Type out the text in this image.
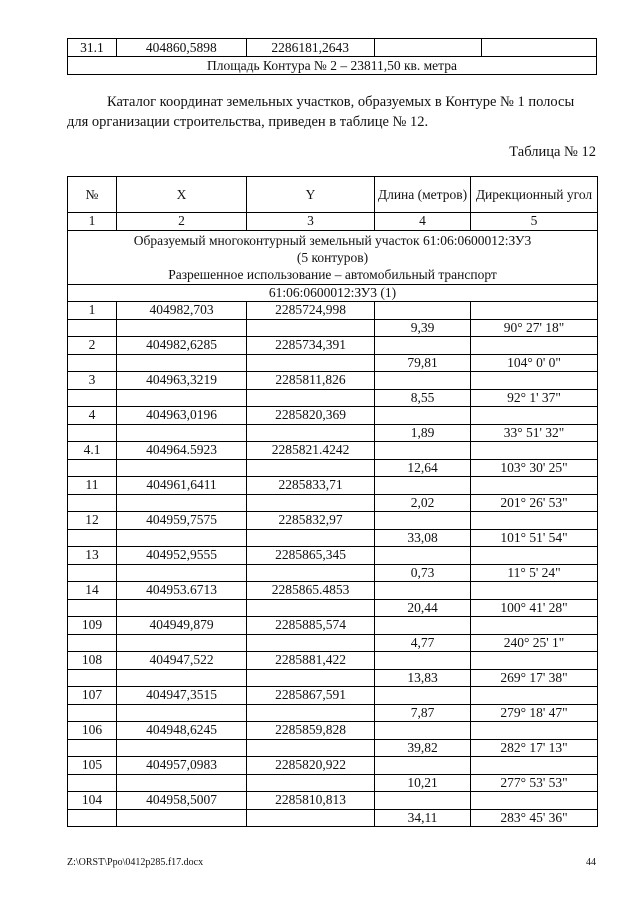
31.1	404860,5898	2286181,2643		
Площадь Контура № 2 – 23811,50 кв. метра
Каталог координат земельных участков, образуемых в Контуре № 1 полосы для организации строительства, приведен в таблице № 12.
Таблица № 12
№	X	Y	Длина (метров)	Дирекционный угол
1	2	3	4	5

Образуемый многоконтурный земельный участок 61:06:0600012:ЗУ3
(5 контуров)
Разрешенное использование – автомобильный транспорт				

61:06:0600012:ЗУ3 (1)				
1	404982,703	2285724,998		
			9,39	90° 27' 18"
2	404982,6285	2285734,391		
			79,81	104° 0' 0"
3	404963,3219	2285811,826		
			8,55	92° 1' 37"
4	404963,0196	2285820,369		
			1,89	33° 51' 32"
4.1	404964.5923	2285821.4242		
			12,64	103° 30' 25"
11	404961,6411	2285833,71		
			2,02	201° 26' 53"
12	404959,7575	2285832,97		
			33,08	101° 51' 54"
13	404952,9555	2285865,345		
			0,73	11° 5' 24"
14	404953.6713	2285865.4853		
			20,44	100° 41' 28"
109	404949,879	2285885,574		
			4,77	240° 25' 1"
108	404947,522	2285881,422		
			13,83	269° 17' 38"
107	404947,3515	2285867,591		
			7,87	279° 18' 47"
106	404948,6245	2285859,828		
			39,82	282° 17' 13"
105	404957,0983	2285820,922		
			10,21	277° 53' 53"
104	404958,5007	2285810,813		
			34,11	283° 45' 36"
Z:\ORST\Ppo\0412p285.f17.docx	44
